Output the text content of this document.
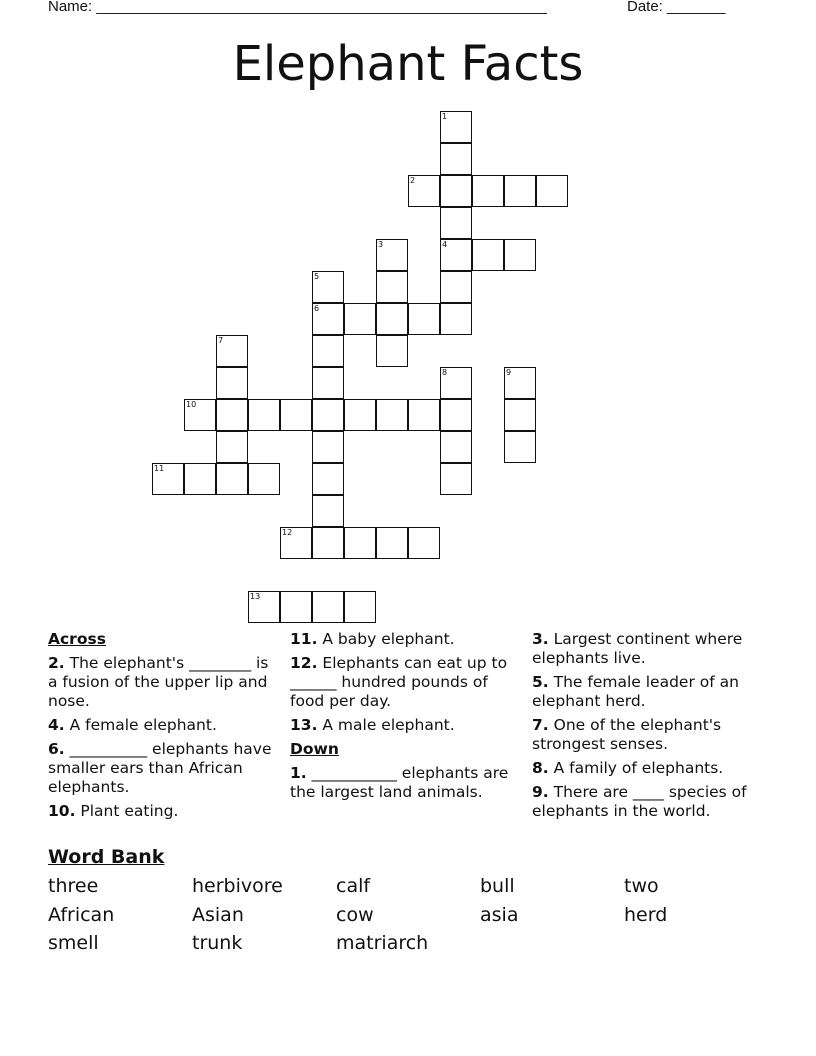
Name: ______________________________________________________	Date: _______
Elephant Facts
1
2
3	4
5
6
7
8	9
10
11
12
13
Across
2. The elephant's ________ is a fusion of the upper lip and nose.
4. A female elephant.
6. __________ elephants have smaller ears than African elephants.
10. Plant eating.
11. A baby elephant.
12. Elephants can eat up to ______ hundred pounds of food per day.
13. A male elephant.
Down
1. ___________ elephants are the largest land animals.
3. Largest continent where elephants live.
5. The female leader of an elephant herd.
7. One of the elephant's strongest senses.
8. A family of elephants.
9. There are ____ species of elephants in the world.
Word Bank
three	herbivore	calf	bull	two
African	Asian	cow	asia	herd
smell	trunk	matriarch
